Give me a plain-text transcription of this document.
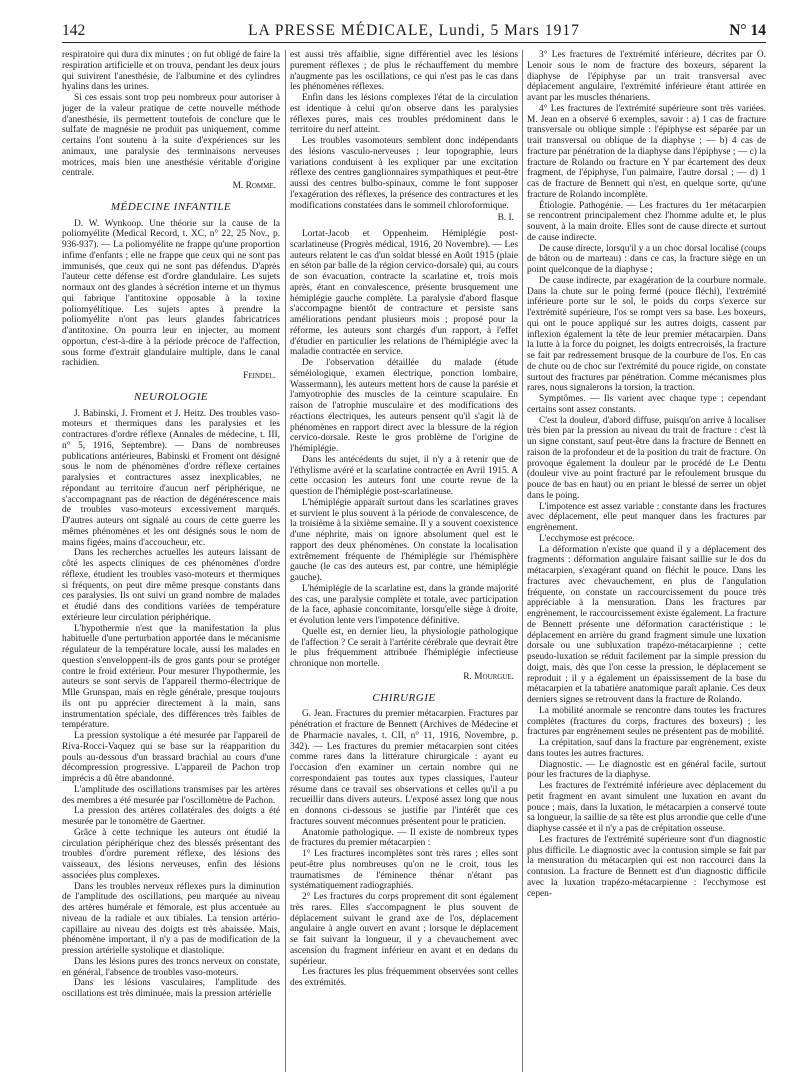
142	LA PRESSE MÉDICALE, Lundi, 5 Mars 1917	N° 14

respiratoire qui dura dix minutes ; on fut obligé de faire la respiration artificielle et on trouva, pendant les deux jours qui suivirent l'anesthésie, de l'albumine et des cylindres hyalins dans les urines.

Si ces essais sont trop peu nombreux pour autoriser à juger de la valeur pratique de cette nouvelle méthode d'anesthésie, ils permettent toutefois de conclure que le sulfate de magnésie ne produit pas uniquement, comme certains l'ont soutenu à la suite d'expériences sur les animaux, une paralysie des terminaisons nerveuses motrices, mais bien une anesthésie véritable d'origine centrale.

M. Romme.
MÉDECINE INFANTILE

D. W. Wynkoop. Une théorie sur la cause de la poliomyélite (Medical Record, t. XC, n° 22, 25 Nov., p. 936-937). — La poliomyélite ne frappe qu'une proportion infime d'enfants ; elle ne frappe que ceux qui ne sont pas immunisés, que ceux qui ne sont pas défendus. D'après l'auteur cette défense est d'ordre glandulaire. Les sujets normaux ont des glandes à sécrétion interne et un thymus qui fabrique l'antitoxine opposable à la toxine poliomyélitique. Les sujets aptes à prendre la poliomyélite n'ont pas leurs glandes fabricatrices d'antitoxine. On pourra leur en injecter, au moment opportun, c'est-à-dire à la période précoce de l'affection, sous forme d'extrait glandulaire multiple, dans le canal rachidien.

Feindel.
NEUROLOGIE

J. Babinski, J. Froment et J. Heitz. Des troubles vaso-moteurs et thermiques dans les paralysies et les contractures d'ordre réflexe (Annales de médecine, t. III, n° 5, 1916, Septembre). — Dans de nombreuses publications antérieures, Babinski et Froment ont désigné sous le nom de phénomènes d'ordre réflexe certaines paralysies et contractures assez inexplicables, ne répondant au territoire d'aucun nerf périphérique, ne s'accompagnant pas de réaction de dégénérescence mais de troubles vaso-moteurs excessivement marqués. D'autres auteurs ont signalé au cours de cette guerre les mêmes phénomènes et les ont désignés sous le nom de mains figées, mains d'accoucheur, etc.

Dans les recherches actuelles les auteurs laissant de côté les aspects cliniques de ces phénomènes d'ordre réflexe, étudient les troubles vaso-moteurs et thermiques si fréquents, on peut dire même presque constants dans ces paralysies. Ils ont suivi un grand nombre de malades et étudié dans des conditions variées de température extérieure leur circulation périphérique.

L'hypothermie n'est que la manifestation la plus habituelle d'une perturbation apportée dans le mécanisme régulateur de la température locale, aussi les malades en question s'enveloppent-ils de gros gants pour se protéger contre le froid extérieur. Pour mesurer l'hypothermie, les auteurs se sont servis de l'appareil thermo-électrique de Mlle Grunspan, mais en règle générale, presque toujours ils ont pu apprécier directement à la main, sans instrumentation spéciale, des différences très faibles de température.

La pression systolique a été mesurée par l'appareil de Riva-Rocci-Vaquez qui se base sur la réapparition du pouls au-dessous d'un brassard brachial au cours d'une décompression progressive. L'appareil de Pachon trop imprécis a dû être abandonné.

L'amplitude des oscillations transmises par les artères des membres a été mesurée par l'oscillomètre de Pachon.

La pression des artères collatérales des doigts a été mesurée par le tonomètre de Gaertner.

Grâce à cette technique les auteurs ont étudié la circulation périphérique chez des blessés présentant des troubles d'ordre purement réflexe, des lésions des vaisseaux, des lésions nerveuses, enfin des lésions associées plus complexes.

Dans les troubles nerveux réflexes purs la diminution de l'amplitude des oscillations, peu marquée au niveau des artères humérale et fémorale, est plus accentuée au niveau de la radiale et aux tibiales. La tension artério-capillaire au niveau des doigts est très abaissée. Mais, phénomène important, il n'y a pas de modification de la pression artérielle systolique et diastolique.

Dans les lésions pures des troncs nerveux on constate, en général, l'absence de troubles vaso-moteurs.

Dans les lésions vasculaires, l'amplitude des oscillations est très diminuée, mais la pression artérielle

est aussi très affaiblie, signe différentiel avec les lésions purement réflexes ; de plus le réchauffement du membre n'augmente pas les oscillations, ce qui n'est pas le cas dans les phénomènes réflexes.

Enfin dans les lésions complexes l'état de la circulation est identique à celui qu'on observe dans les paralysies réflexes pures, mais ces troubles prédominent dans le territoire du nerf atteint.

Les troubles vasomoteurs semblent donc indépendants des lésions vasculo-nerveuses ; leur topographie, leurs variations conduisent à les expliquer par une excitation réflexe des centres ganglionnaires sympathiques et peut-être aussi des centres bulbo-spinaux, comme le font supposer l'exagération des réflexes, la présence des contractures et les modifications constatées dans le sommeil chloroformique.

B. I.

Lortat-Jacob et Oppenheim. Hémiplégie post-scarlatineuse (Progrès médical, 1916, 20 Novembre). — Les auteurs relatent le cas d'un soldat blessé en Août 1915 (plaie en séton par balle de la région cervico-dorsale) qui, au cours de son évacuation, contracte la scarlatine et, trois mois après, étant en convalescence, présente brusquement une hémiplégie gauche complète. La paralysie d'abord flasque s'accompagne bientôt de contracture et persiste sans améliorations pendant plusieurs mois ; proposé pour la réforme, les auteurs sont chargés d'un rapport, à l'effet d'étudier en particulier les relations de l'hémiplégie avec la maladie contractée en service.

De l'observation détaillée du malade (étude séméiologique, examen électrique, ponction lombaire, Wassermann), les auteurs mettent hors de cause la parésie et l'amyotrophie des muscles de la ceinture scapulaire. En raison de l'atrophie musculaire et des modifications des réactions électriques, les auteurs pensent qu'il s'agit là de phénomènes en rapport direct avec la blessure de la région cervico-dorsale. Reste le gros problème de l'origine de l'hémiplégie.

Dans les antécédents du sujet, il n'y a à retenir que de l'éthylisme avéré et la scarlatine contractée en Avril 1915. A cette occasion les auteurs font une courte revue de la question de l'hémiplégie post-scarlatineuse.

L'hémiplégie apparaît surtout dans les scarlatines graves et survient le plus souvent à la période de convalescence, de la troisième à la sixième semaine. Il y a souvent coexistence d'une néphrite, mais on ignore absolument quel est le rapport des deux phénomènes. On constate la localisation extrêmement fréquente de l'hémiplégie sur l'hémisphère gauche (le cas des auteurs est, par contre, une hémiplégie gauche).

L'hémiplégie de la scarlatine est, dans la grande majorité des cas, une paralysie complète et totale, avec participation de la face, aphasie concomitante, lorsqu'elle siège à droite, et évolution lente vers l'impotence définitive.

Quelle est, en dernier lieu, la physiologie pathologique de l'affection ? Ce serait à l'artérite cérébrale que devrait être le plus fréquemment attribuée l'hémiplégie infectieuse chronique non mortelle.

R. Mourgue.
CHIRURGIE

G. Jean. Fractures du premier métacarpien. Fractures par pénétration et fracture de Bennett (Archives de Médecine et de Pharmacie navales, t. CII, n° 11, 1916, Novembre, p. 342). — Les fractures du premier métacarpien sont citées comme rares dans la littérature chirurgicale : ayant eu l'occasion d'en examiner un certain nombre qui ne correspondaient pas toutes aux types classiques, l'auteur résume dans ce travail ses observations et celles qu'il a pu recueillir dans divers auteurs. L'exposé assez long que nous en donnons ci-dessous se justifie par l'intérêt que ces fractures souvent méconnues présentent pour le praticien.

Anatomie pathologique. — Il existe de nombreux types de fractures du premier métacarpien :

1° Les fractures incomplètes sont très rares ; elles sont peut-être plus nombreuses qu'on ne le croit, tous les traumatismes de l'éminence thénar n'étant pas systématiquement radiographiés.

2° Les fractures du corps proprement dit sont également très rares. Elles s'accompagnent le plus souvent de déplacement suivant le grand axe de l'os, déplacement angulaire à angle ouvert en avant ; lorsque le déplacement se fait suivant la longueur, il y a chevauchement avec ascension du fragment inférieur en avant et en dedans du supérieur.

Les fractures les plus fréquemment observées sont celles des extrémités.

3° Les fractures de l'extrémité inférieure, décrites par O. Lenoir sous le nom de fracture des boxeurs, séparent la diaphyse de l'épiphyse par un trait transversal avec déplacement angulaire, l'extrémité inférieure étant attirée en avant par les muscles thénariens.

4° Les fractures de l'extrémité supérieure sont très variées. M. Jean en a observé 6 exemples, savoir : a) 1 cas de fracture transversale ou oblique simple : l'épiphyse est séparée par un trait transversal ou oblique de la diaphyse ; — b) 4 cas de fracture par pénétration de la diaphyse dans l'épiphyse ; — c) la fracture de Rolando ou fracture en Y par écartement des deux fragment, de l'épiphyse, l'un palmaire, l'autre dorsal ; — d) 1 cas de fracture de Bennett qui n'est, en quelque sorte, qu'une fracture de Rolando incomplète.

Étiologie. Pathogénie. — Les fractures du 1er métacarpien se rencontrent principalement chez l'homme adulte et, le plus souvent, à la main droite. Elles sont de cause directe et surtout de cause indirecte.

De cause directe, lorsqu'il y a un choc dorsal localisé (coups de bâton ou de marteau) : dans ce cas, la fracture siège en un point quelconque de la diaphyse ;

De cause indirecte, par exagération de la courbure normale. Dans la chute sur le poing fermé (pouce fléchi), l'extrémité inférieure porte sur le sol, le poids du corps s'exerce sur l'extrémité supérieure, l'os se rompt vers sa base. Les boxeurs, qui ont le pouce appliqué sur les autres doigts, cassent par inflexion également la tête de leur premier métacarpien. Dans la lutte à la force du poignet, les doigts entrecroisés, la fracture se fait par redressement brusque de la courbure de l'os. En cas de chute ou de choc sur l'extrémité du pouce rigide, on constate surtout des fractures par pénétration. Comme mécanismes plus rares, nous signalerons la torsion, la traction.

Symptômes. — Ils varient avec chaque type ; cependant certains sont assez constants.

C'est la douleur, d'abord diffuse, puisqu'on arrive à localiser très bien par la pression au niveau du trait de fracture : c'est là un signe constant, sauf peut-être dans la fracture de Bennett en raison de la profondeur et de la position du trait de fracture. On provoque également la douleur par le procédé de Le Dentu (douleur vive au point fracturé par le refoulement brusque du pouce de bas en haut) ou en priant le blessé de serrer un objet dans le poing.

L'impotence est assez variable : constante dans les fractures avec déplacement, elle peut manquer dans les fractures par engrènement.

L'ecchymose est précoce.

La déformation n'existe que quand il y a déplacement des fragments : déformation angulaire faisant saillie sur le dos du métacarpien, s'exagérant quand on fléchit le pouce. Dans les fractures avec chevauchement, en plus de l'angulation fréquente, on constate un raccourcissement du pouce très appréciable à la mensuration. Dans les fractures par engrènement, le raccourcissement existe également. La fracture de Bennett présente une déformation caractéristique : le déplacement en arrière du grand fragment simule une luxation dorsale ou une subluxation trapézo-métacarpienne ; cette pseudo-luxation se réduit facilement par la simple pression du doigt, mais, dès que l'on cesse la pression, le déplacement se reproduit ; il y a également un épaississement de la base du métacarpien et la tabatière anatomique paraît aplanie. Ces deux derniers signes se retrouvent dans la fracture de Rolando.

La mobilité anormale se rencontre dans toutes les fractures complètes (fractures du corps, fractures des boxeurs) ; les fractures par engrènement seules ne présentent pas de mobilité.

La crépitation, sauf dans la fracture par engrènement, existe dans toutes les autres fractures.

Diagnostic. — Le diagnostic est en général facile, surtout pour les fractures de la diaphyse.

Les fractures de l'extrémité inférieure avec déplacement du petit fragment en avant simulent une luxation en avant du pouce ; mais, dans la luxation, le métacarpien a conservé toute sa longueur, la saillie de sa tête est plus arrondie que celle d'une diaphyse cassée et il n'y a pas de crépitation osseuse.

Les fractures de l'extrémité supérieure sont d'un diagnostic plus difficile. Le diagnostic avec la contusion simple se fait par la mensuration du métacarpien qui est non raccourci dans la contusion. La fracture de Bennett est d'un diagnostic difficile avec la luxation trapézo-métacarpienne : l'ecchymose est cepen-
